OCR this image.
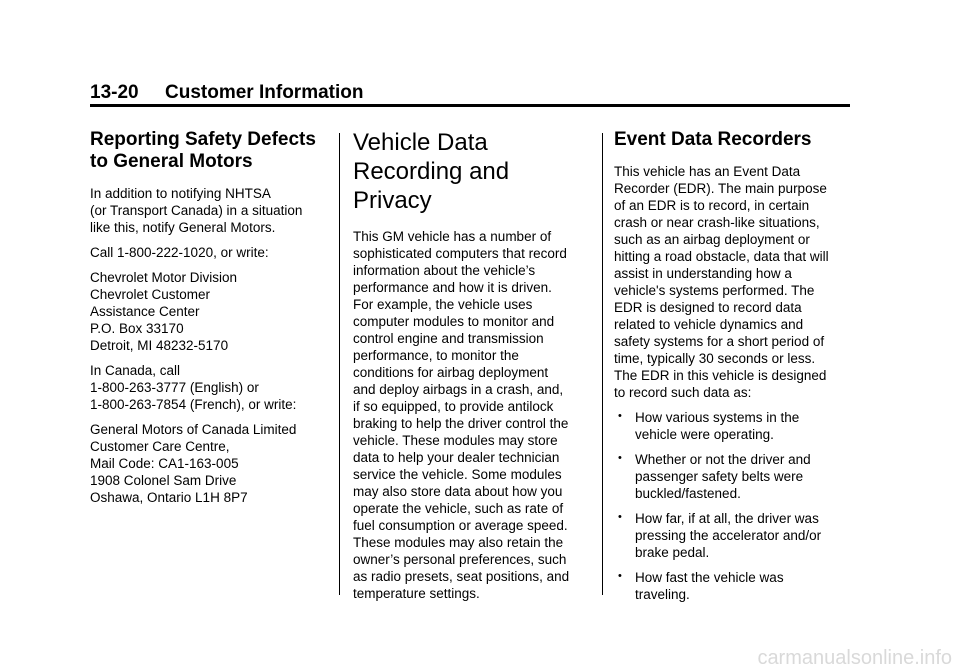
13-20 Customer Information
Reporting Safety Defects
to General Motors

In addition to notifying NHTSA
(or Transport Canada) in a situation
like this, notify General Motors.

Call 1-800-222-1020, or write:

Chevrolet Motor Division
Chevrolet Customer
Assistance Center
P.O. Box 33170
Detroit, MI 48232-5170

In Canada, call
1-800-263-3777 (English) or
1-800-263-7854 (French), or write:

General Motors of Canada Limited
Customer Care Centre,
Mail Code: CA1-163-005
1908 Colonel Sam Drive
Oshawa, Ontario L1H 8P7

Vehicle Data
Recording and
Privacy

This GM vehicle has a number of
sophisticated computers that record
information about the vehicle’s
performance and how it is driven.
For example, the vehicle uses
computer modules to monitor and
control engine and transmission
performance, to monitor the
conditions for airbag deployment
and deploy airbags in a crash, and,
if so equipped, to provide antilock
braking to help the driver control the
vehicle. These modules may store
data to help your dealer technician
service the vehicle. Some modules
may also store data about how you
operate the vehicle, such as rate of
fuel consumption or average speed.
These modules may also retain the
owner’s personal preferences, such
as radio presets, seat positions, and
temperature settings.

Event Data Recorders

This vehicle has an Event Data
Recorder (EDR). The main purpose
of an EDR is to record, in certain
crash or near crash-like situations,
such as an airbag deployment or
hitting a road obstacle, data that will
assist in understanding how a
vehicle's systems performed. The
EDR is designed to record data
related to vehicle dynamics and
safety systems for a short period of
time, typically 30 seconds or less.
The EDR in this vehicle is designed
to record such data as:

• How various systems in the
vehicle were operating.
• Whether or not the driver and
passenger safety belts were
buckled/fastened.
• How far, if at all, the driver was
pressing the accelerator and/or
brake pedal.
• How fast the vehicle was
traveling.
carmanualsonline.info
